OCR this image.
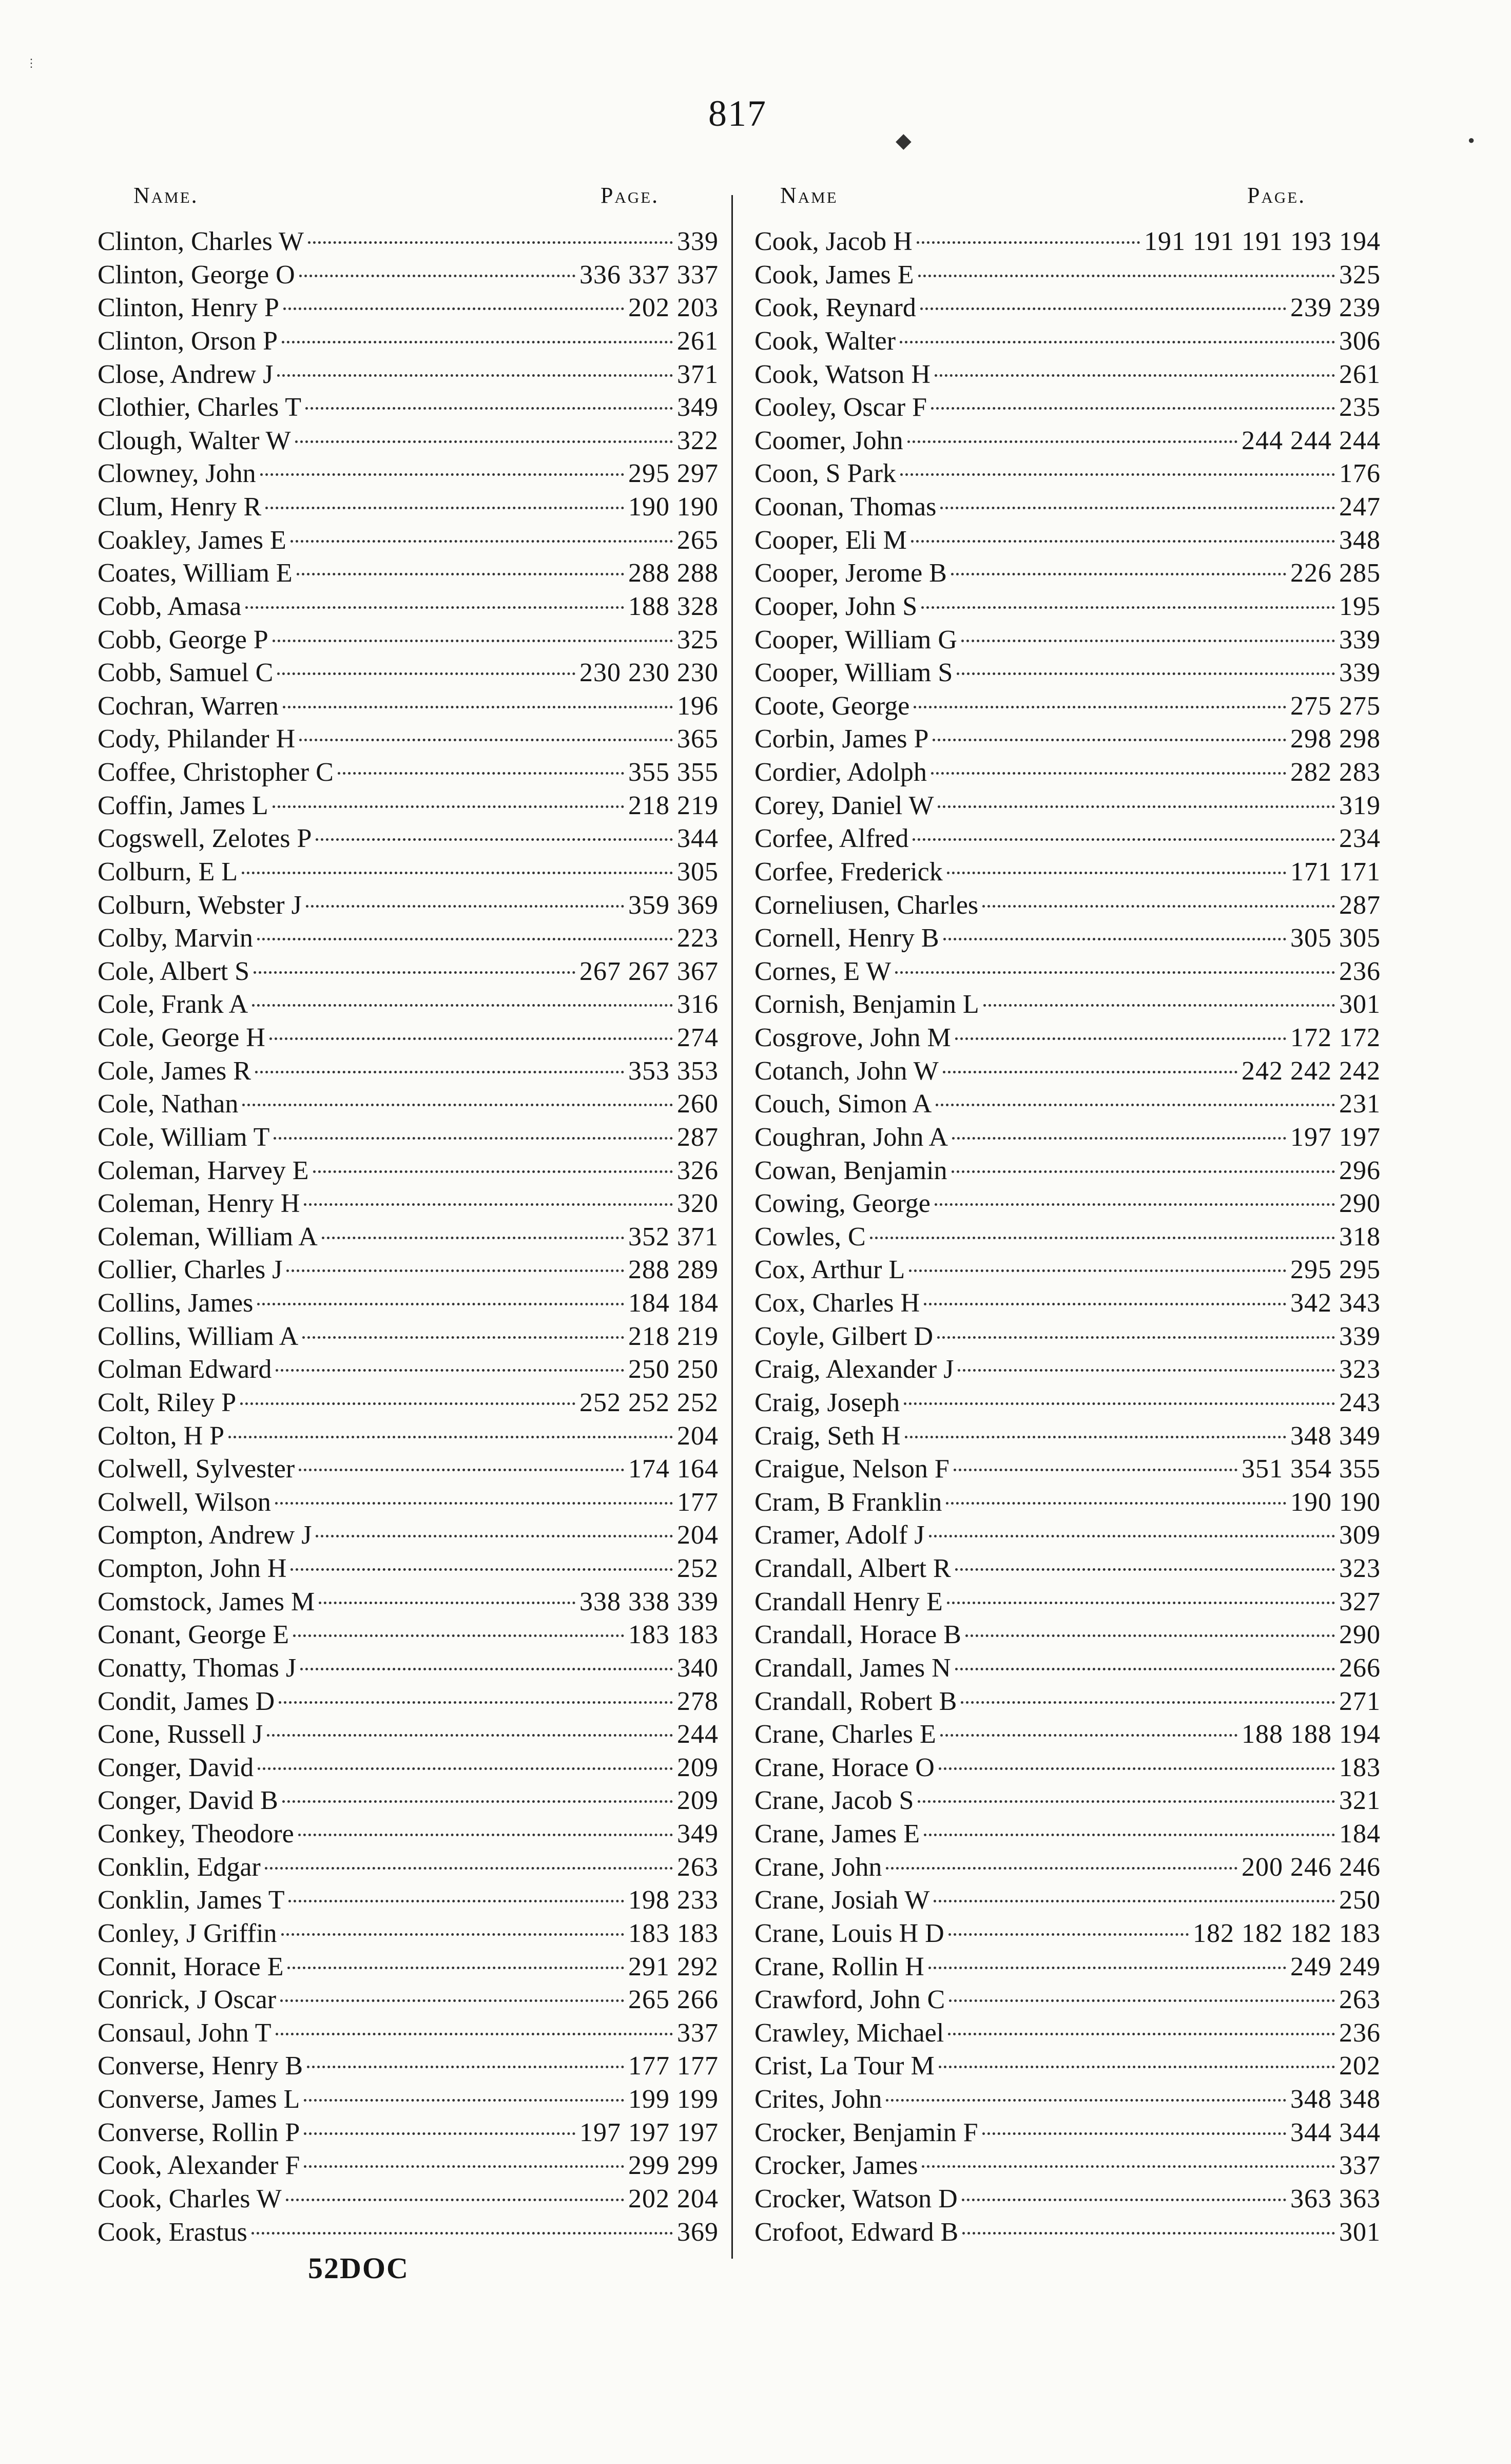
817
Name.	Page.	Name	Page.
Clinton, Charles W	339
Clinton, George O	336 337 337
Clinton, Henry P	202 203
Clinton, Orson P	261
Close, Andrew J	371
Clothier, Charles T	349
Clough, Walter W	322
Clowney, John	295 297
Clum, Henry R	190 190
Coakley, James E	265
Coates, William E	288 288
Cobb, Amasa	188 328
Cobb, George P	325
Cobb, Samuel C	230 230 230
Cochran, Warren	196
Cody, Philander H	365
Coffee, Christopher C	355 355
Coffin, James L	218 219
Cogswell, Zelotes P	344
Colburn, E L	305
Colburn, Webster J	359 369
Colby, Marvin	223
Cole, Albert S	267 267 367
Cole, Frank A	316
Cole, George H	274
Cole, James R	353 353
Cole, Nathan	260
Cole, William T	287
Coleman, Harvey E	326
Coleman, Henry H	320
Coleman, William A	352 371
Collier, Charles J	288 289
Collins, James	184 184
Collins, William A	218 219
Colman Edward	250 250
Colt, Riley P	252 252 252
Colton, H P	204
Colwell, Sylvester	174 164
Colwell, Wilson	177
Compton, Andrew J	204
Compton, John H	252
Comstock, James M	338 338 339
Conant, George E	183 183
Conatty, Thomas J	340
Condit, James D	278
Cone, Russell J	244
Conger, David	209
Conger, David B	209
Conkey, Theodore	349
Conklin, Edgar	263
Conklin, James T	198 233
Conley, J Griffin	183 183
Connit, Horace E	291 292
Conrick, J Oscar	265 266
Consaul, John T	337
Converse, Henry B	177 177
Converse, James L	199 199
Converse, Rollin P	197 197 197
Cook, Alexander F	299 299
Cook, Charles W	202 204
Cook, Erastus	369
Cook, Jacob H	191 191 191 193 194
Cook, James E	325
Cook, Reynard	239 239
Cook, Walter	306
Cook, Watson H	261
Cooley, Oscar F	235
Coomer, John	244 244 244
Coon, S Park	176
Coonan, Thomas	247
Cooper, Eli M	348
Cooper, Jerome B	226 285
Cooper, John S	195
Cooper, William G	339
Cooper, William S	339
Coote, George	275 275
Corbin, James P	298 298
Cordier, Adolph	282 283
Corey, Daniel W	319
Corfee, Alfred	234
Corfee, Frederick	171 171
Corneliusen, Charles	287
Cornell, Henry B	305 305
Cornes, E W	236
Cornish, Benjamin L	301
Cosgrove, John M	172 172
Cotanch, John W	242 242 242
Couch, Simon A	231
Coughran, John A	197 197
Cowan, Benjamin	296
Cowing, George	290
Cowles, C	318
Cox, Arthur L	295 295
Cox, Charles H	342 343
Coyle, Gilbert D	339
Craig, Alexander J	323
Craig, Joseph	243
Craig, Seth H	348 349
Craigue, Nelson F	351 354 355
Cram, B Franklin	190 190
Cramer, Adolf J	309
Crandall, Albert R	323
Crandall Henry E	327
Crandall, Horace B	290
Crandall, James N	266
Crandall, Robert B	271
Crane, Charles E	188 188 194
Crane, Horace O	183
Crane, Jacob S	321
Crane, James E	184
Crane, John	200 246 246
Crane, Josiah W	250
Crane, Louis H D	182 182 182 183
Crane, Rollin H	249 249
Crawford, John C	263
Crawley, Michael	236
Crist, La Tour M	202
Crites, John	348 348
Crocker, Benjamin F	344 344
Crocker, James	337
Crocker, Watson D	363 363
Crofoot, Edward B	301
52DOC
◆	●
⋮
